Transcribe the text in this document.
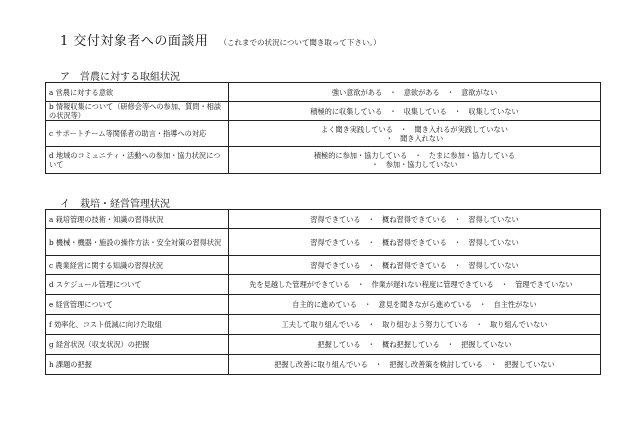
1 交付対象者への面談用 （これまでの状況について聞き取って下さい。）
ア　営農に対する取組状況
a 営農に対する意欲	強い意欲がある　・　意欲がある　・　意欲がない
b 情報収集について（研修会等への参加、質問・相談の状況等）	積極的に収集している　・　収集している　・　収集していない
c サポートチーム等関係者の助言・指導への対応	よく聞き実践している　・　聞き入れるが実践していない
・　聞き入れない
d 地域のコミュニティ・活動への参加・協力状況について	積極的に参加・協力している　・　たまに参加・協力している
・　参加・協力していない
イ　栽培・経営管理状況
a 栽培管理の技術・知識の習得状況	習得できている　・　概ね習得できている　・　習得していない
b 機械・機器・施設の操作方法・安全対策の習得状況	習得できている　・　概ね習得できている　・　習得していない
c 農業経営に関する知識の習得状況	習得できている　・　概ね習得できている　・　習得していない
d スケジュール管理について	先を見越した管理ができている　・　作業が遅れない程度に管理できている　・　管理できていない
e 経営管理について	自主的に進めている　・　意見を聞きながら進めている　・　自主性がない
f 効率化、コスト低減に向けた取組	工夫して取り組んでいる　・　取り組むよう努力している　・　取り組んでいない
g 経営状況（収支状況）の把握	把握している　・　概ね把握している　・　把握していない
h 課題の把握	把握し改善に取り組んでいる　・　把握し改善策を検討している　・　把握していない
